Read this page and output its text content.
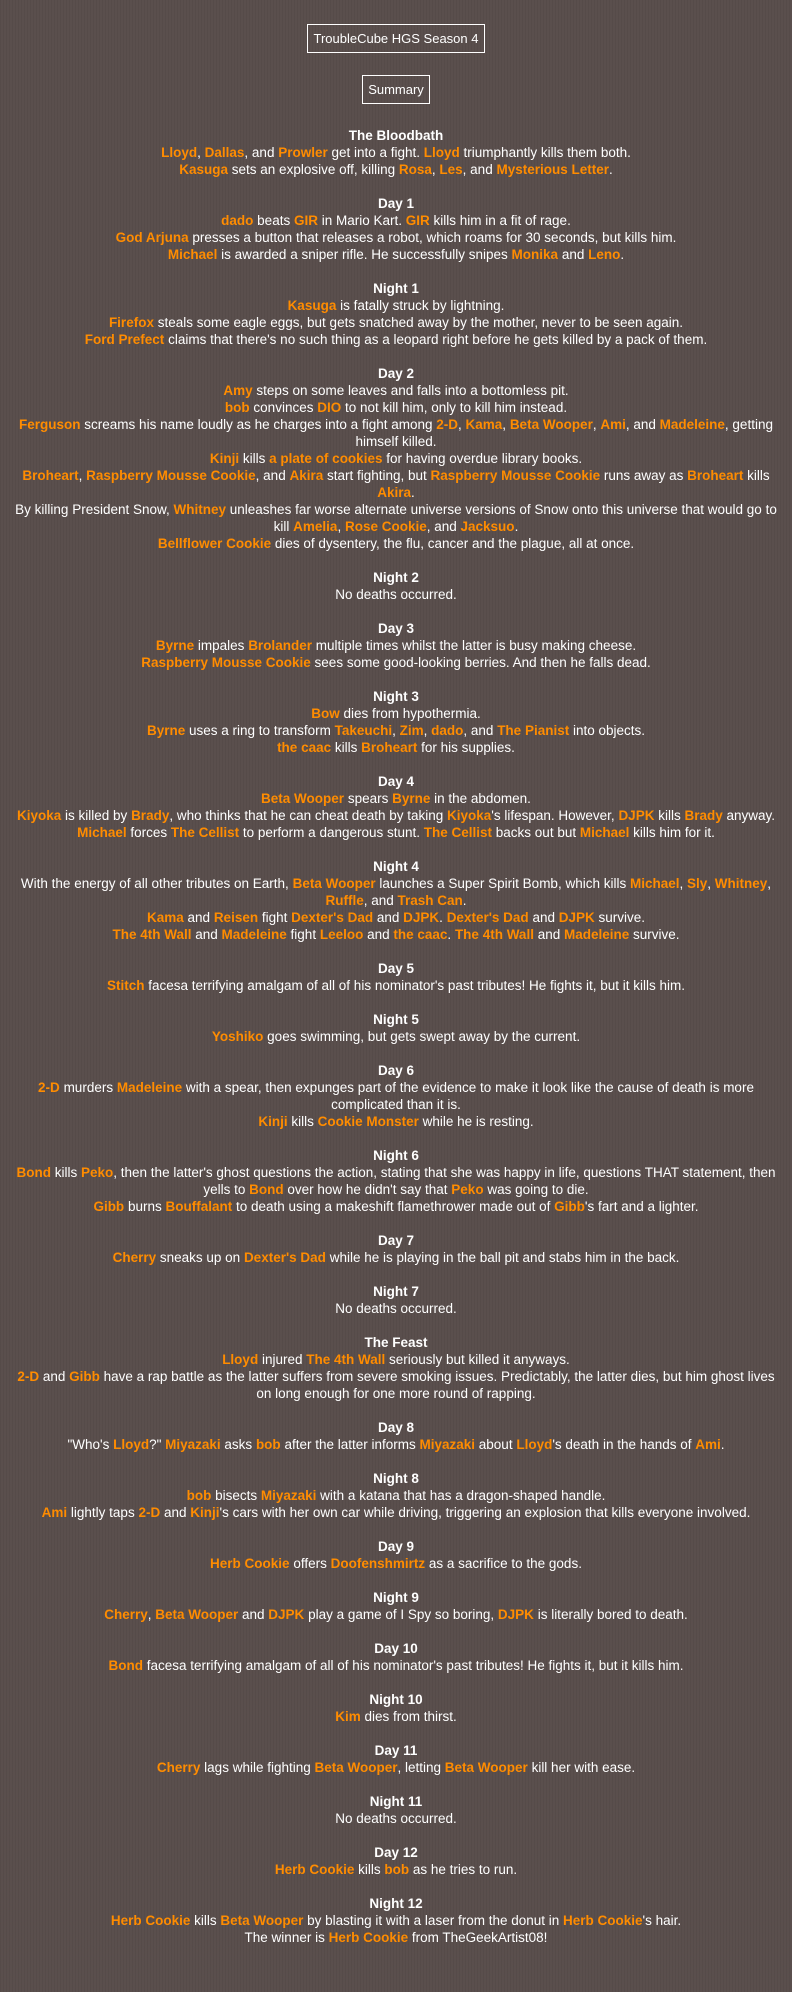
TroubleCube HGS Season 4
Summary
The Bloodbath
Lloyd, Dallas, and Prowler get into a fight. Lloyd triumphantly kills them both.
Kasuga sets an explosive off, killing Rosa, Les, and Mysterious Letter.
Day 1
dado beats GIR in Mario Kart. GIR kills him in a fit of rage.
God Arjuna presses a button that releases a robot, which roams for 30 seconds, but kills him.
Michael is awarded a sniper rifle. He successfully snipes Monika and Leno.
Night 1
Kasuga is fatally struck by lightning.
Firefox steals some eagle eggs, but gets snatched away by the mother, never to be seen again.
Ford Prefect claims that there's no such thing as a leopard right before he gets killed by a pack of them.
Day 2
Amy steps on some leaves and falls into a bottomless pit.
bob convinces DIO to not kill him, only to kill him instead.
Ferguson screams his name loudly as he charges into a fight among 2-D, Kama, Beta Wooper, Ami, and Madeleine, getting himself killed.
Kinji kills a plate of cookies for having overdue library books.
Broheart, Raspberry Mousse Cookie, and Akira start fighting, but Raspberry Mousse Cookie runs away as Broheart kills Akira.
By killing President Snow, Whitney unleashes far worse alternate universe versions of Snow onto this universe that would go to kill Amelia, Rose Cookie, and Jacksuo.
Bellflower Cookie dies of dysentery, the flu, cancer and the plague, all at once.
Night 2
No deaths occurred.
Day 3
Byrne impales Brolander multiple times whilst the latter is busy making cheese.
Raspberry Mousse Cookie sees some good-looking berries. And then he falls dead.
Night 3
Bow dies from hypothermia.
Byrne uses a ring to transform Takeuchi, Zim, dado, and The Pianist into objects.
the caac kills Broheart for his supplies.
Day 4
Beta Wooper spears Byrne in the abdomen.
Kiyoka is killed by Brady, who thinks that he can cheat death by taking Kiyoka's lifespan. However, DJPK kills Brady anyway.
Michael forces The Cellist to perform a dangerous stunt. The Cellist backs out but Michael kills him for it.
Night 4
With the energy of all other tributes on Earth, Beta Wooper launches a Super Spirit Bomb, which kills Michael, Sly, Whitney, Ruffle, and Trash Can.
Kama and Reisen fight Dexter's Dad and DJPK. Dexter's Dad and DJPK survive.
The 4th Wall and Madeleine fight Leeloo and the caac. The 4th Wall and Madeleine survive.
Day 5
Stitch facesa terrifying amalgam of all of his nominator's past tributes! He fights it, but it kills him.
Night 5
Yoshiko goes swimming, but gets swept away by the current.
Day 6
2-D murders Madeleine with a spear, then expunges part of the evidence to make it look like the cause of death is more complicated than it is.
Kinji kills Cookie Monster while he is resting.
Night 6
Bond kills Peko, then the latter's ghost questions the action, stating that she was happy in life, questions THAT statement, then yells to Bond over how he didn't say that Peko was going to die.
Gibb burns Bouffalant to death using a makeshift flamethrower made out of Gibb's fart and a lighter.
Day 7
Cherry sneaks up on Dexter's Dad while he is playing in the ball pit and stabs him in the back.
Night 7
No deaths occurred.
The Feast
Lloyd injured The 4th Wall seriously but killed it anyways.
2-D and Gibb have a rap battle as the latter suffers from severe smoking issues. Predictably, the latter dies, but him ghost lives on long enough for one more round of rapping.
Day 8
"Who's Lloyd?" Miyazaki asks bob after the latter informs Miyazaki about Lloyd's death in the hands of Ami.
Night 8
bob bisects Miyazaki with a katana that has a dragon-shaped handle.
Ami lightly taps 2-D and Kinji's cars with her own car while driving, triggering an explosion that kills everyone involved.
Day 9
Herb Cookie offers Doofenshmirtz as a sacrifice to the gods.
Night 9
Cherry, Beta Wooper and DJPK play a game of I Spy so boring, DJPK is literally bored to death.
Day 10
Bond facesa terrifying amalgam of all of his nominator's past tributes! He fights it, but it kills him.
Night 10
Kim dies from thirst.
Day 11
Cherry lags while fighting Beta Wooper, letting Beta Wooper kill her with ease.
Night 11
No deaths occurred.
Day 12
Herb Cookie kills bob as he tries to run.
Night 12
Herb Cookie kills Beta Wooper by blasting it with a laser from the donut in Herb Cookie's hair.
The winner is Herb Cookie from TheGeekArtist08!
